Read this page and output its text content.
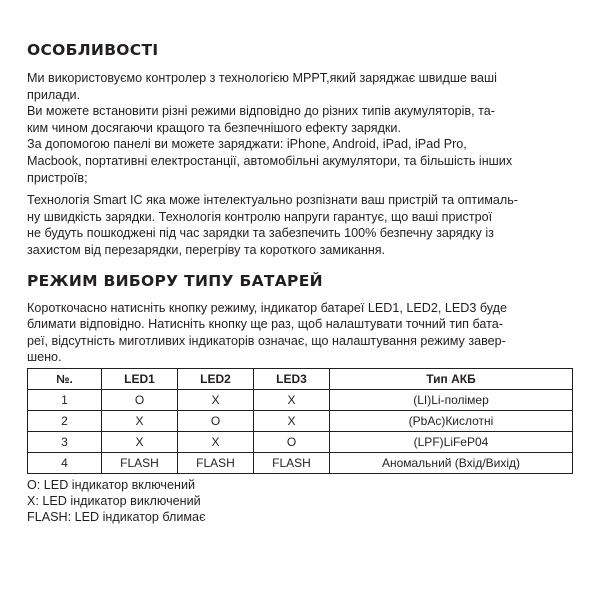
ОСОБЛИВОСТІ
Ми використовуємо контролер з технологією MPPT,який заряджає швидше ваші
прилади.
Ви можете встановити різні режими відповідно до різних типів акумуляторів, та-
ким чином досягаючи кращого та безпечнішого ефекту зарядки.
За допомогою панелі ви можете заряджати: iPhone, Android, iPad, iPad Pro,
Macbook, портативні електростанції, автомобільні акумулятори, та більшість інших
пристроїв;
Технологія Smart IC яка може інтелектуально розпізнати ваш пристрій та оптималь-
ну швидкість зарядки. Технологія контролю напруги гарантує, що ваші пристрої
не будуть пошкоджені під час зарядки та забезпечить 100% безпечну зарядку із
захистом від перезарядки, перегріву та короткого замикання.
РЕЖИМ ВИБОРУ ТИПУ БАТАРЕЙ
Короткочасно натисніть кнопку режиму, індикатор батареї LED1, LED2, LED3 буде
блимати відповідно. Натисніть кнопку ще раз, щоб налаштувати точний тип бата-
реї, відсутність миготливих індикаторів означає, що налаштування режиму завер-
шено.
№.	LED1	LED2	LED3	Тип АКБ
1	O	X	X	(LI)Li-полімер
2	X	O	X	(PbAc)Кислотні
3	X	X	O	(LPF)LiFeP04
4	FLASH	FLASH	FLASH	Аномальний (Вхід/Вихід)
O: LED індикатор включений
X: LED індикатор виключений
FLASH: LED індикатор блимає
